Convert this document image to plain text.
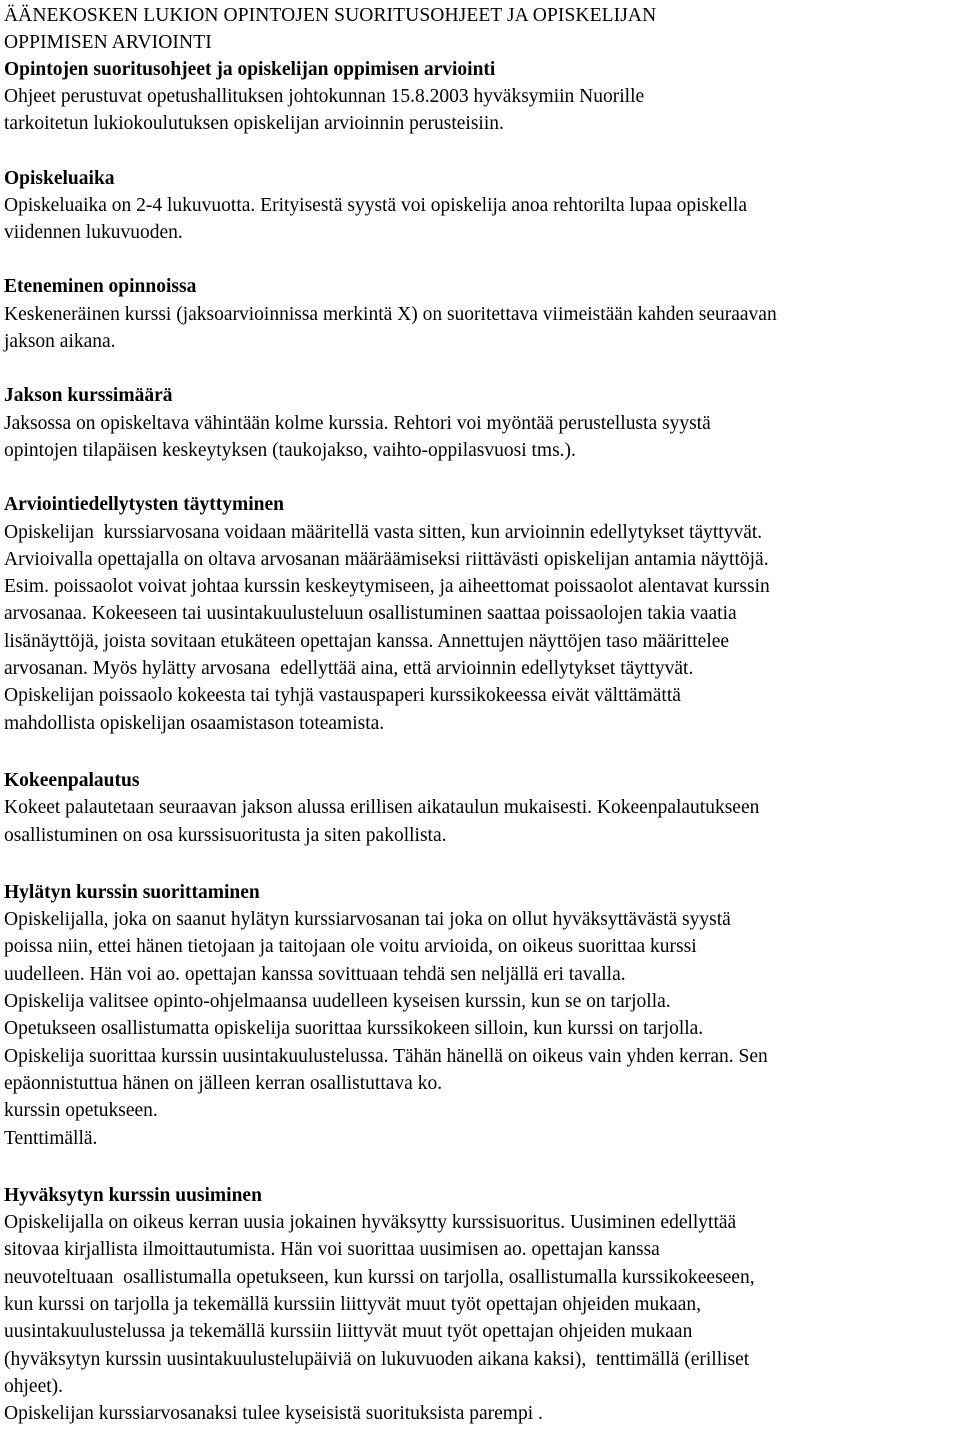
ÄÄNEKOSKEN LUKION OPINTOJEN SUORITUSOHJEET JA OPISKELIJAN
OPPIMISEN ARVIOINTI
Opintojen suoritusohjeet ja opiskelijan oppimisen arviointi
Ohjeet perustuvat opetushallituksen johtokunnan 15.8.2003 hyväksymiin Nuorille
tarkoitetun lukiokoulutuksen opiskelijan arvioinnin perusteisiin.
Opiskeluaika
Opiskeluaika on 2-4 lukuvuotta. Erityisestä syystä voi opiskelija anoa rehtorilta lupaa opiskella
viidennen lukuvuoden.
Eteneminen opinnoissa
Keskeneräinen kurssi (jaksoarvioinnissa merkintä X) on suoritettava viimeistään kahden seuraavan
jakson aikana.
Jakson kurssimäärä
Jaksossa on opiskeltava vähintään kolme kurssia. Rehtori voi myöntää perustellusta syystä
opintojen tilapäisen keskeytyksen (taukojakso, vaihto-oppilasvuosi tms.).
Arviointiedellytysten täyttyminen
Opiskelijan  kurssiarvosana voidaan määritellä vasta sitten, kun arvioinnin edellytykset täyttyvät.
Arvioivalla opettajalla on oltava arvosanan määräämiseksi riittävästi opiskelijan antamia näyttöjä.
Esim. poissaolot voivat johtaa kurssin keskeytymiseen, ja aiheettomat poissaolot alentavat kurssin
arvosanaa. Kokeeseen tai uusintakuulusteluun osallistuminen saattaa poissaolojen takia vaatia
lisänäyttöjä, joista sovitaan etukäteen opettajan kanssa. Annettujen näyttöjen taso määrittelee
arvosanan. Myös hylätty arvosana  edellyttää aina, että arvioinnin edellytykset täyttyvät.
Opiskelijan poissaolo kokeesta tai tyhjä vastauspaperi kurssikokeessa eivät välttämättä
mahdollista opiskelijan osaamistason toteamista.
Kokeenpalautus
Kokeet palautetaan seuraavan jakson alussa erillisen aikataulun mukaisesti. Kokeenpalautukseen
osallistuminen on osa kurssisuoritusta ja siten pakollista.
Hylätyn kurssin suorittaminen
Opiskelijalla, joka on saanut hylätyn kurssiarvosanan tai joka on ollut hyväksyttävästä syystä
poissa niin, ettei hänen tietojaan ja taitojaan ole voitu arvioida, on oikeus suorittaa kurssi
uudelleen. Hän voi ao. opettajan kanssa sovittuaan tehdä sen neljällä eri tavalla.
Opiskelija valitsee opinto-ohjelmaansa uudelleen kyseisen kurssin, kun se on tarjolla.
Opetukseen osallistumatta opiskelija suorittaa kurssikokeen silloin, kun kurssi on tarjolla.
Opiskelija suorittaa kurssin uusintakuulustelussa. Tähän hänellä on oikeus vain yhden kerran. Sen
epäonnistuttua hänen on jälleen kerran osallistuttava ko.
kurssin opetukseen.
Tenttimällä.
Hyväksytyn kurssin uusiminen
Opiskelijalla on oikeus kerran uusia jokainen hyväksytty kurssisuoritus. Uusiminen edellyttää
sitovaa kirjallista ilmoittautumista. Hän voi suorittaa uusimisen ao. opettajan kanssa
neuvoteltuaan  osallistumalla opetukseen, kun kurssi on tarjolla, osallistumalla kurssikokeeseen,
kun kurssi on tarjolla ja tekemällä kurssiin liittyvät muut työt opettajan ohjeiden mukaan,
uusintakuulustelussa ja tekemällä kurssiin liittyvät muut työt opettajan ohjeiden mukaan
(hyväksytyn kurssin uusintakuulustelupäiviä on lukuvuoden aikana kaksi),  tenttimällä (erilliset
ohjeet).
Opiskelijan kurssiarvosanaksi tulee kyseisistä suorituksista parempi .
